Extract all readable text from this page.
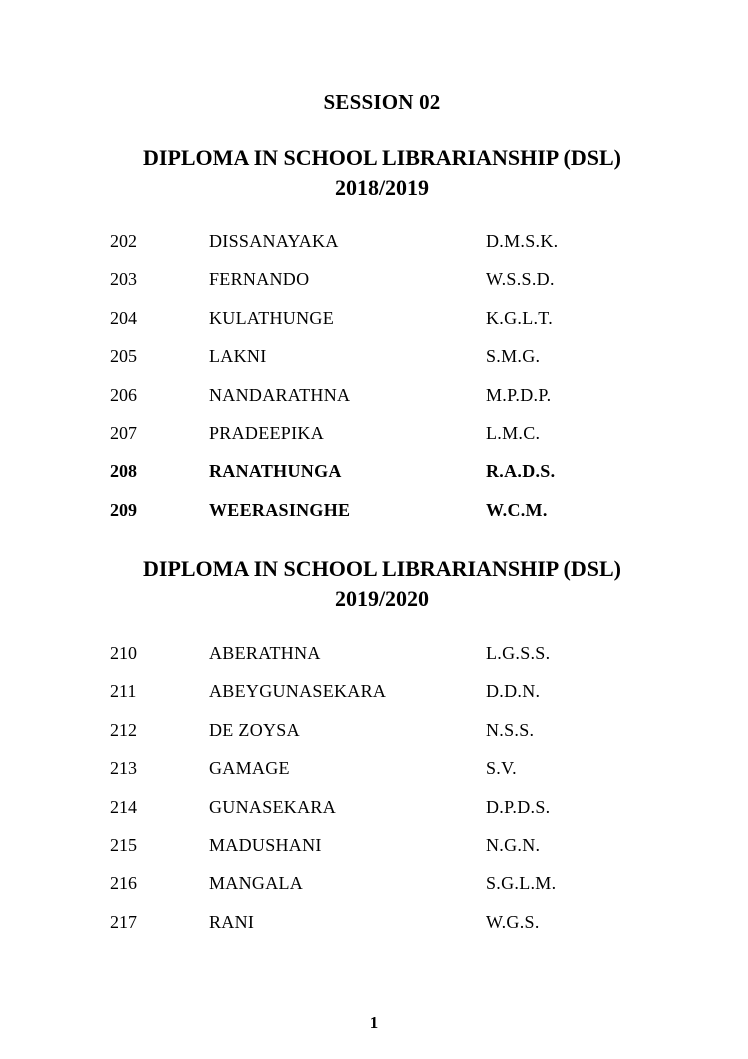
SESSION 02
DIPLOMA IN SCHOOL LIBRARIANSHIP (DSL)
2018/2019
202	DISSANAYAKA	D.M.S.K.
203	FERNANDO	W.S.S.D.
204	KULATHUNGE	K.G.L.T.
205	LAKNI	S.M.G.
206	NANDARATHNA	M.P.D.P.
207	PRADEEPIKA	L.M.C.
208	RANATHUNGA	R.A.D.S.
209	WEERASINGHE	W.C.M.
DIPLOMA IN SCHOOL LIBRARIANSHIP (DSL)
2019/2020
210	ABERATHNA	L.G.S.S.
211	ABEYGUNASEKARA	D.D.N.
212	DE ZOYSA	N.S.S.
213	GAMAGE	S.V.
214	GUNASEKARA	D.P.D.S.
215	MADUSHANI	N.G.N.
216	MANGALA	S.G.L.M.
217	RANI	W.G.S.
1
